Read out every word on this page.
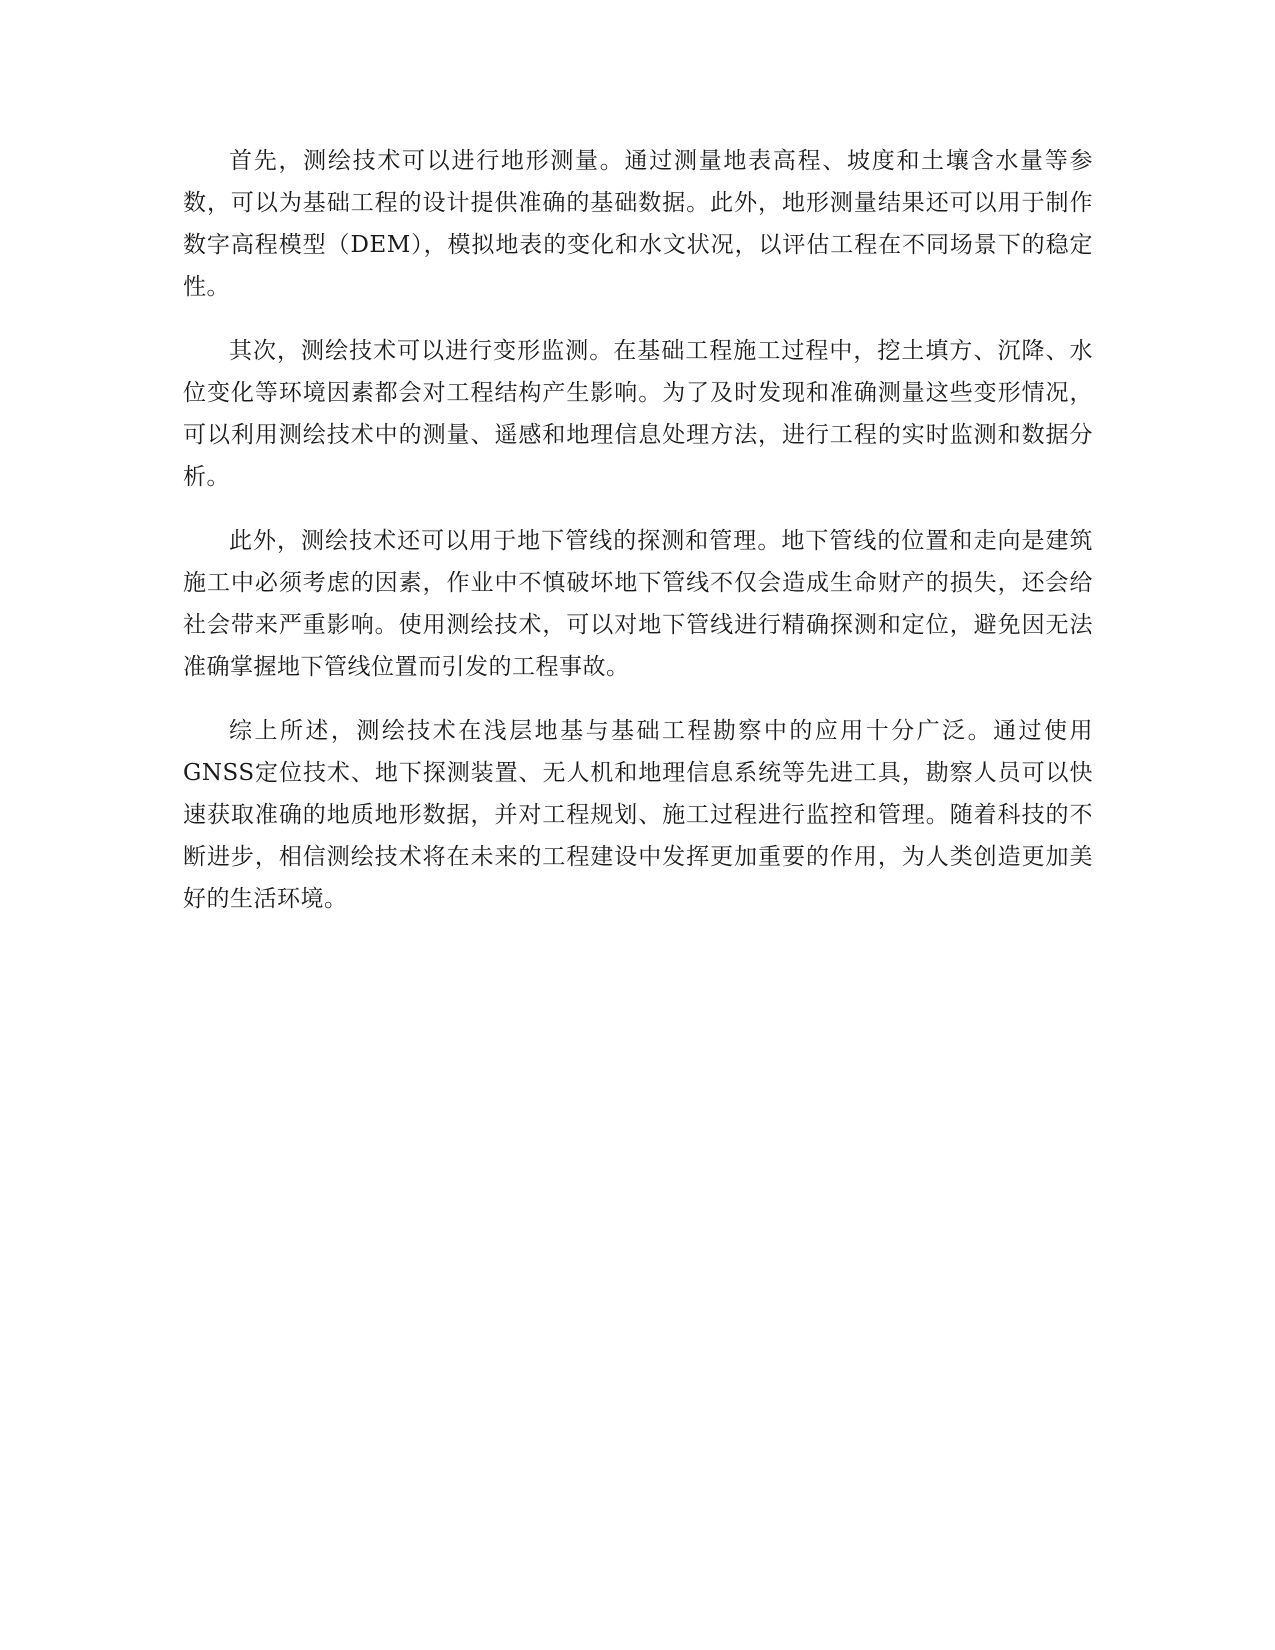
首先，测绘技术可以进行地形测量。通过测量地表高程、坡度和土壤含水量等参数，可以为基础工程的设计提供准确的基础数据。此外，地形测量结果还可以用于制作数字高程模型（DEM），模拟地表的变化和水文状况，以评估工程在不同场景下的稳定性。

其次，测绘技术可以进行变形监测。在基础工程施工过程中，挖土填方、沉降、水位变化等环境因素都会对工程结构产生影响。为了及时发现和准确测量这些变形情况，可以利用测绘技术中的测量、遥感和地理信息处理方法，进行工程的实时监测和数据分析。

此外，测绘技术还可以用于地下管线的探测和管理。地下管线的位置和走向是建筑施工中必须考虑的因素，作业中不慎破坏地下管线不仅会造成生命财产的损失，还会给社会带来严重影响。使用测绘技术，可以对地下管线进行精确探测和定位，避免因无法准确掌握地下管线位置而引发的工程事故。

综上所述，测绘技术在浅层地基与基础工程勘察中的应用十分广泛。通过使用GNSS定位技术、地下探测装置、无人机和地理信息系统等先进工具，勘察人员可以快速获取准确的地质地形数据，并对工程规划、施工过程进行监控和管理。随着科技的不断进步，相信测绘技术将在未来的工程建设中发挥更加重要的作用，为人类创造更加美好的生活环境。
